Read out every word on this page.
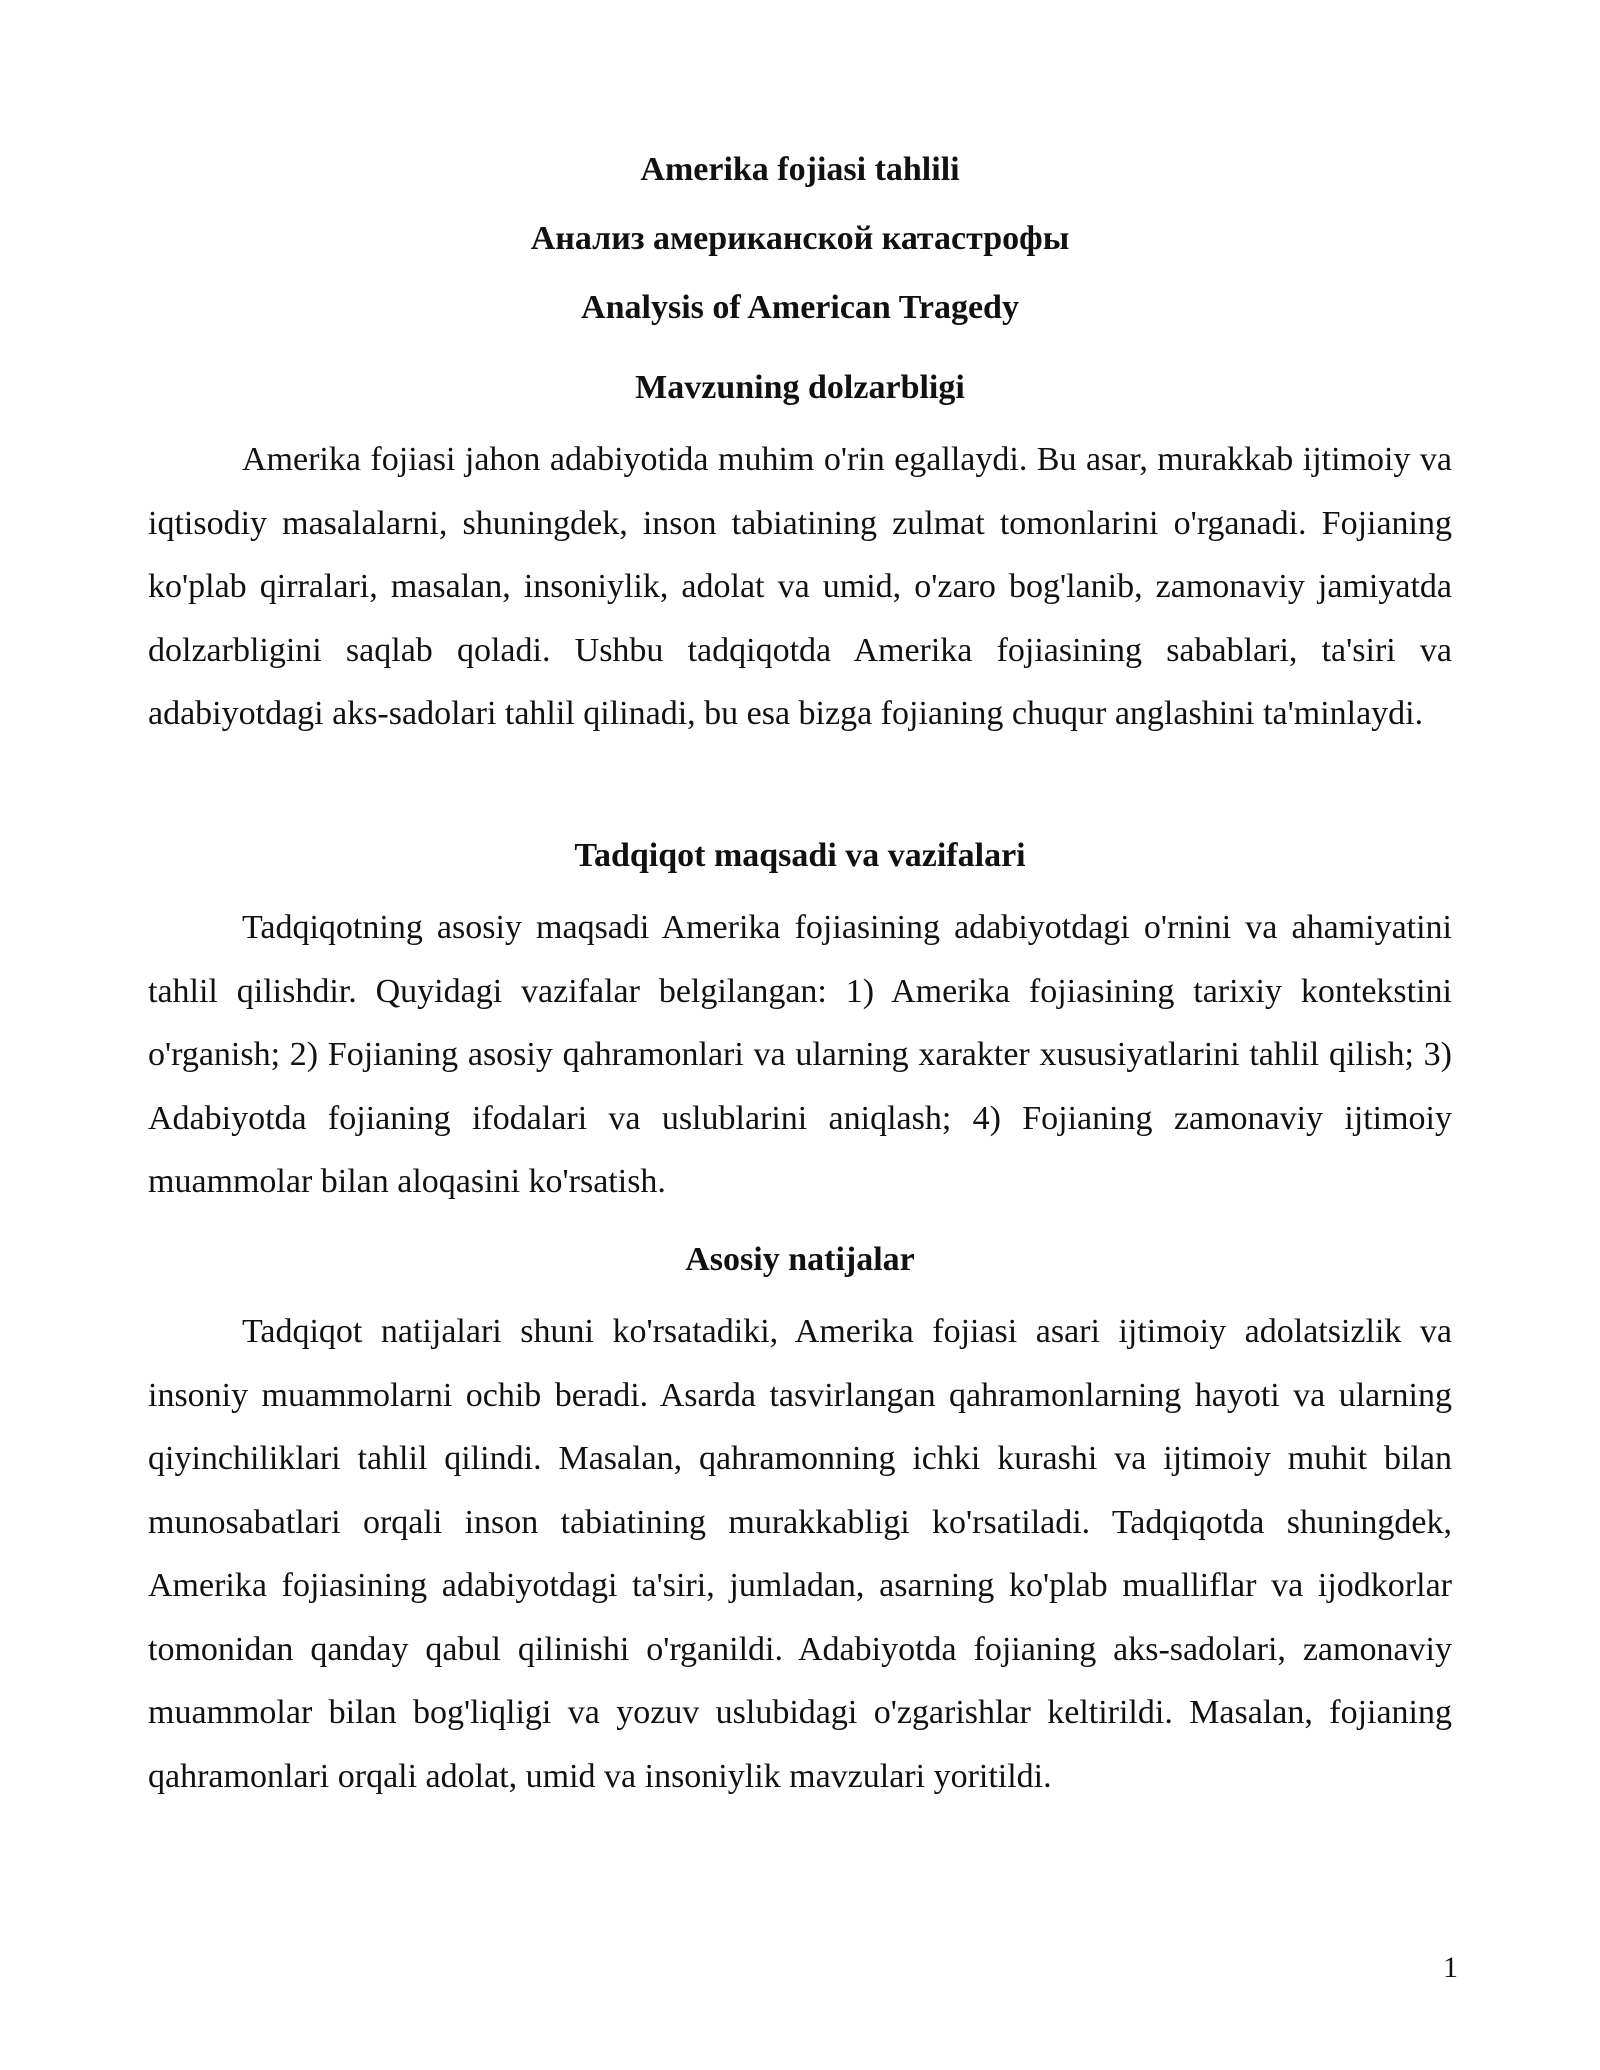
Amerika fojiasi tahlili
Анализ американской катастрофы
Analysis of American Tragedy
Mavzuning dolzarbligi

Amerika fojiasi jahon adabiyotida muhim o'rin egallaydi. Bu asar, murakkab ijtimoiy va iqtisodiy masalalarni, shuningdek, inson tabiatining zulmat tomonlarini o'rganadi. Fojianing ko'plab qirralari, masalan, insoniylik, adolat va umid, o'zaro bog'lanib, zamonaviy jamiyatda dolzarbligini saqlab qoladi. Ushbu tadqiqotda Amerika fojiasining sabablari, ta'siri va adabiyotdagi aks-sadolari tahlil qilinadi, bu esa bizga fojianing chuqur anglashini ta'minlaydi.

Tadqiqot maqsadi va vazifalari

Tadqiqotning asosiy maqsadi Amerika fojiasining adabiyotdagi o'rnini va ahamiyatini tahlil qilishdir. Quyidagi vazifalar belgilangan: 1) Amerika fojiasining tarixiy kontekstini o'rganish; 2) Fojianing asosiy qahramonlari va ularning xarakter xususiyatlarini tahlil qilish; 3) Adabiyotda fojianing ifodalari va uslublarini aniqlash; 4) Fojianing zamonaviy ijtimoiy muammolar bilan aloqasini ko'rsatish.

Asosiy natijalar

Tadqiqot natijalari shuni ko'rsatadiki, Amerika fojiasi asari ijtimoiy adolatsizlik va insoniy muammolarni ochib beradi. Asarda tasvirlangan qahramonlarning hayoti va ularning qiyinchiliklari tahlil qilindi. Masalan, qahramonning ichki kurashi va ijtimoiy muhit bilan munosabatlari orqali inson tabiatining murakkabligi ko'rsatiladi. Tadqiqotda shuningdek, Amerika fojiasining adabiyotdagi ta'siri, jumladan, asarning ko'plab mualliflar va ijodkorlar tomonidan qanday qabul qilinishi o'rganildi. Adabiyotda fojianing aks-sadolari, zamonaviy muammolar bilan bog'liqligi va yozuv uslubidagi o'zgarishlar keltirildi. Masalan, fojianing qahramonlari orqali adolat, umid va insoniylik mavzulari yoritildi.

1
